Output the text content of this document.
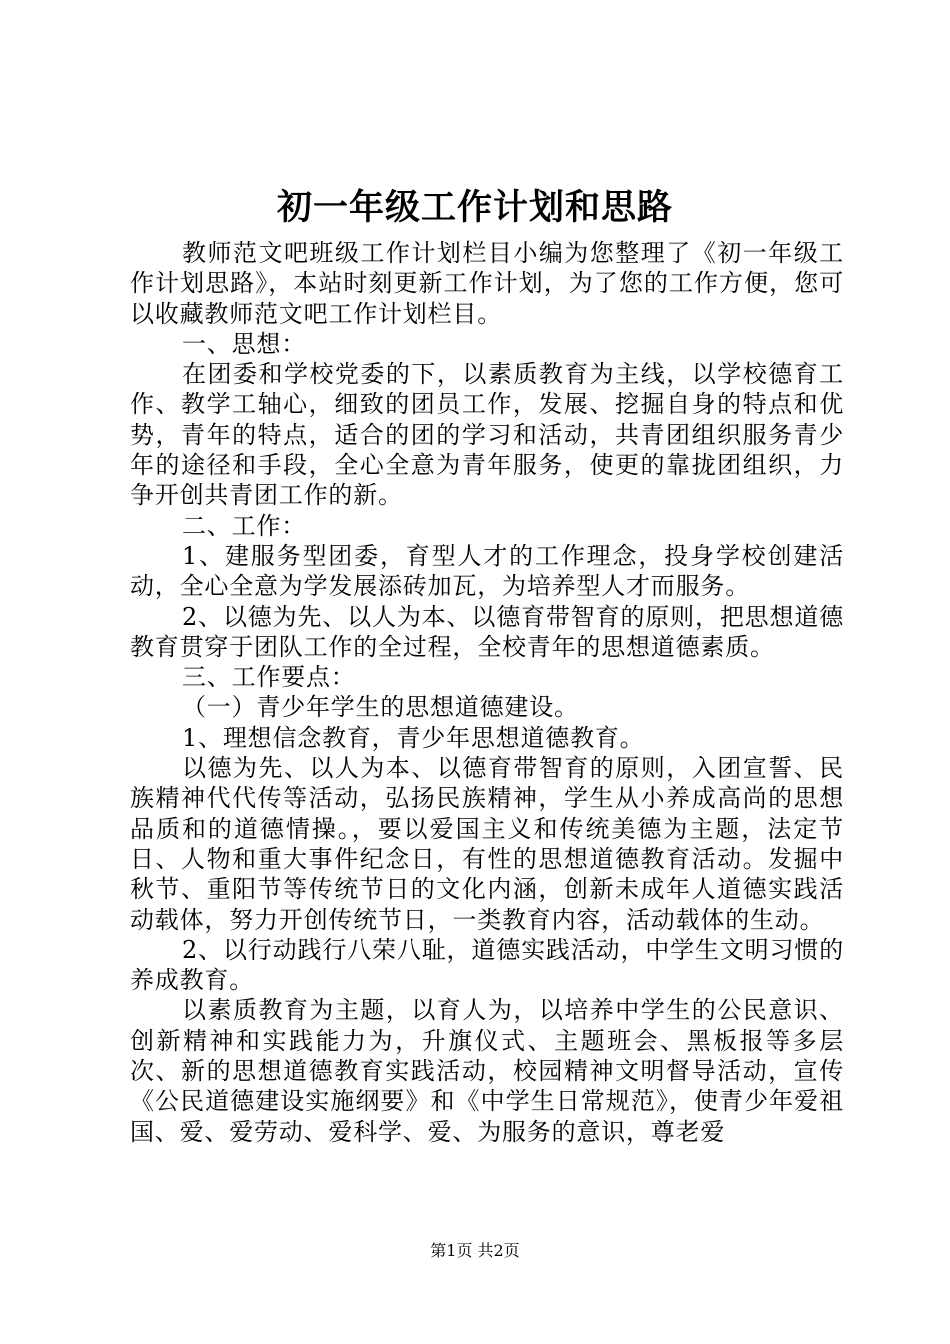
初一年级工作计划和思路

教师范文吧班级工作计划栏目小编为您整理了《初一年级工作计划思路》，本站时刻更新工作计划，为了您的工作方便，您可以收藏教师范文吧工作计划栏目。

一、思想：

在团委和学校党委的下，以素质教育为主线，以学校德育工作、教学工轴心，细致的团员工作，发展、挖掘自身的特点和优势，青年的特点，适合的团的学习和活动，共青团组织服务青少年的途径和手段，全心全意为青年服务，使更的靠拢团组织，力争开创共青团工作的新。

二、工作：

1、建服务型团委，育型人才的工作理念，投身学校创建活动，全心全意为学发展添砖加瓦，为培养型人才而服务。

2、以德为先、以人为本、以德育带智育的原则，把思想道德教育贯穿于团队工作的全过程，全校青年的思想道德素质。

三、工作要点：

（一）青少年学生的思想道德建设。

1、理想信念教育，青少年思想道德教育。

以德为先、以人为本、以德育带智育的原则，入团宣誓、民族精神代代传等活动，弘扬民族精神，学生从小养成高尚的思想品质和的道德情操。，要以爱国主义和传统美德为主题，法定节日、人物和重大事件纪念日，有性的思想道德教育活动。发掘中秋节、重阳节等传统节日的文化内涵，创新未成年人道德实践活动载体，努力开创传统节日，一类教育内容，活动载体的生动。

2、以行动践行八荣八耻，道德实践活动，中学生文明习惯的养成教育。

以素质教育为主题，以育人为，以培养中学生的公民意识、创新精神和实践能力为，升旗仪式、主题班会、黑板报等多层次、新的思想道德教育实践活动，校园精神文明督导活动，宣传《公民道德建设实施纲要》和《中学生日常规范》，使青少年爱祖国、爱、爱劳动、爱科学、爱、为服务的意识，尊老爱

第1页 共2页
